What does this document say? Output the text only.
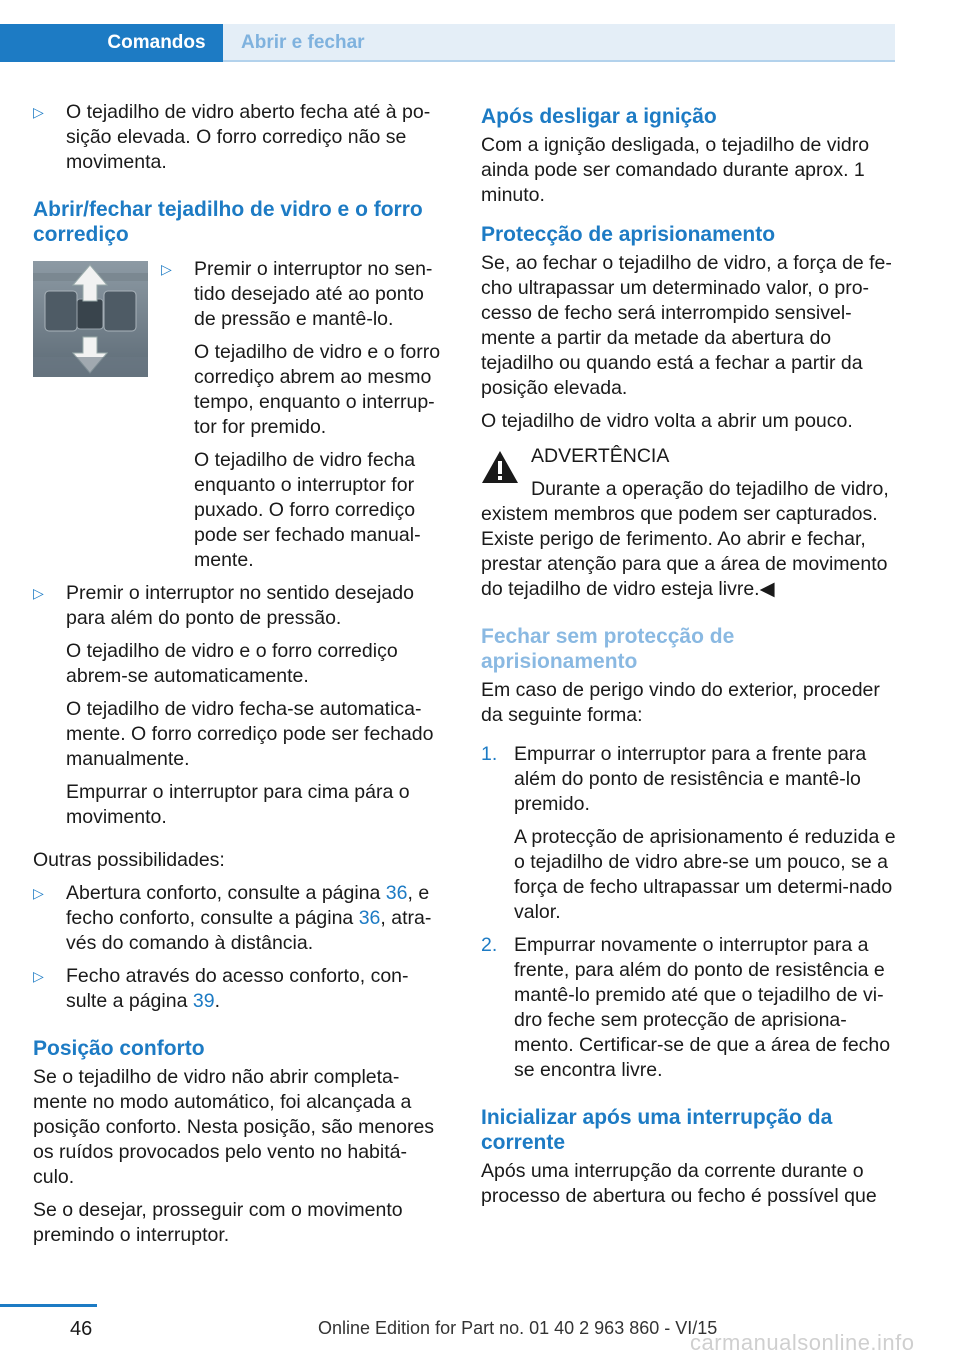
Comandos	Abrir e fechar
▷ O tejadilho de vidro aberto fecha até à po-sição elevada. O forro corrediço não se movimenta.

Abrir/fechar tejadilho de vidro e o forro corrediço
▷ Premir o interruptor no sen-tido desejado até ao ponto de pressão e mantê-lo.

O tejadilho de vidro e o forro corrediço abrem ao mesmo tempo, enquanto o interrup-tor for premido.

O tejadilho de vidro fecha enquanto o interruptor for puxado. O forro corrediço pode ser fechado manual-mente.

▷ Premir o interruptor no sentido desejado para além do ponto de pressão.

O tejadilho de vidro e o forro corrediço abrem-se automaticamente.

O tejadilho de vidro fecha-se automatica-mente. O forro corrediço pode ser fechado manualmente.

Empurrar o interruptor para cima pára o movimento.

Outras possibilidades:

▷ Abertura conforto, consulte a página 36, e fecho conforto, consulte a página 36, atra-vés do comando à distância.

▷ Fecho através do acesso conforto, con-sulte a página 39.

Posição conforto

Se o tejadilho de vidro não abrir completa-mente no modo automático, foi alcançada a posição conforto. Nesta posição, são menores os ruídos provocados pelo vento no habitá-culo.

Se o desejar, prosseguir com o movimento premindo o interruptor.

Após desligar a ignição

Com a ignição desligada, o tejadilho de vidro ainda pode ser comandado durante aprox. 1 minuto.

Protecção de aprisionamento

Se, ao fechar o tejadilho de vidro, a força de fe-cho ultrapassar um determinado valor, o pro-cesso de fecho será interrompido sensivel-mente a partir da metade da abertura do tejadilho ou quando está a fechar a partir da posição elevada.

O tejadilho de vidro volta a abrir um pouco.

ADVERTÊNCIA

Durante a operação do tejadilho de vidro, existem membros que podem ser capturados. Existe perigo de ferimento. Ao abrir e fechar, prestar atenção para que a área de movimento do tejadilho de vidro esteja livre.◀

Fechar sem protecção de aprisionamento

Em caso de perigo vindo do exterior, proceder da seguinte forma:

1. Empurrar o interruptor para a frente para além do ponto de resistência e mantê-lo premido.

A protecção de aprisionamento é reduzida e o tejadilho de vidro abre-se um pouco, se a força de fecho ultrapassar um determi-nado valor.

2. Empurrar novamente o interruptor para a frente, para além do ponto de resistência e mantê-lo premido até que o tejadilho de vi-dro feche sem protecção de aprisiona-mento. Certificar-se de que a área de fecho se encontra livre.

Inicializar após uma interrupção da corrente

Após uma interrupção da corrente durante o processo de abertura ou fecho é possível que

46	Online Edition for Part no. 01 40 2 963 860 - VI/15
carmanualsonline.info
